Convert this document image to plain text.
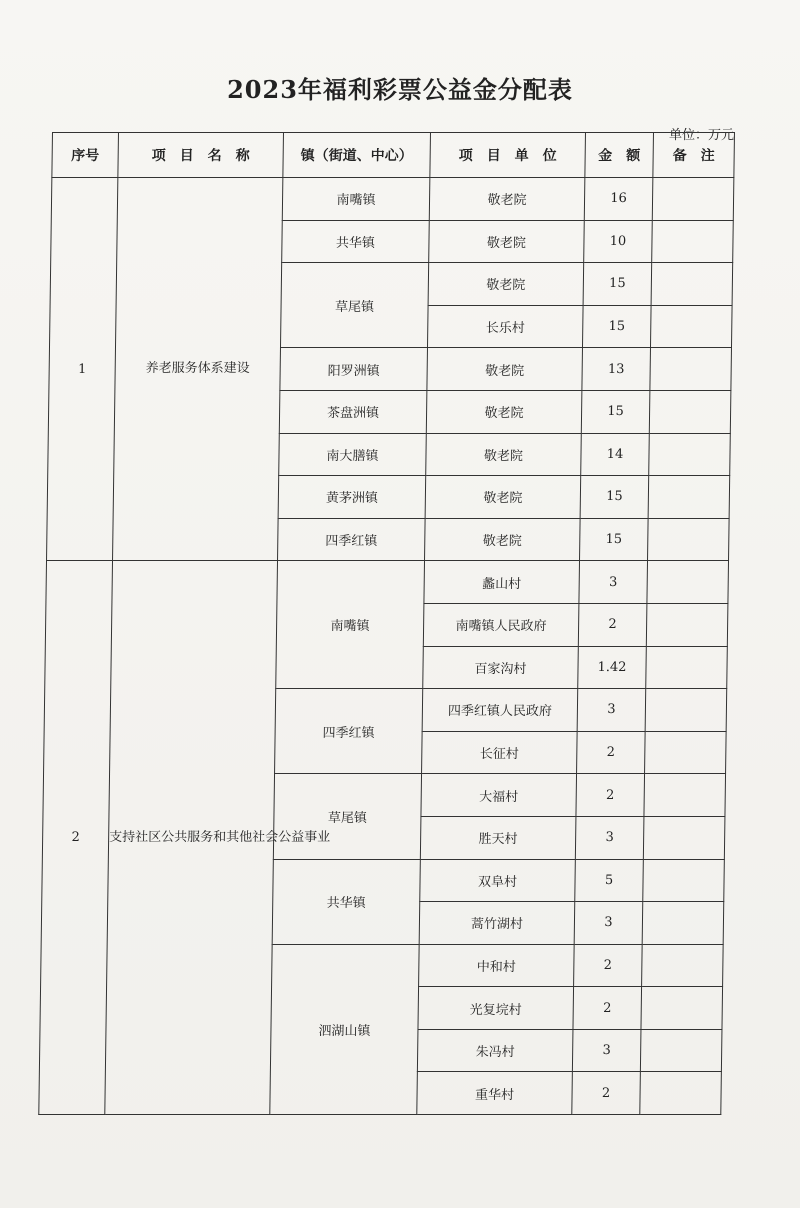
2023年福利彩票公益金分配表
单位：万元
序号	项　目　名　称	镇（街道、中心）	项　目　单　位	金　额	备　注
1	养老服务体系建设	南嘴镇	敬老院	16	
		共华镇	敬老院	10	
		草尾镇	敬老院	15	
			长乐村	15	
		阳罗洲镇	敬老院	13	
		茶盘洲镇	敬老院	15	
		南大膳镇	敬老院	14	
		黄茅洲镇	敬老院	15	
		四季红镇	敬老院	15	
2	支持社区公共服务和其他社会公益事业	南嘴镇	蠡山村	3	
			南嘴镇人民政府	2	
			百家沟村	1.42	
		四季红镇	四季红镇人民政府	3	
			长征村	2	
		草尾镇	大福村	2	
			胜天村	3	
		共华镇	双阜村	5	
			蒿竹湖村	3	
		泗湖山镇	中和村	2	
			光复垸村	2	
			朱冯村	3	
			重华村	2	
